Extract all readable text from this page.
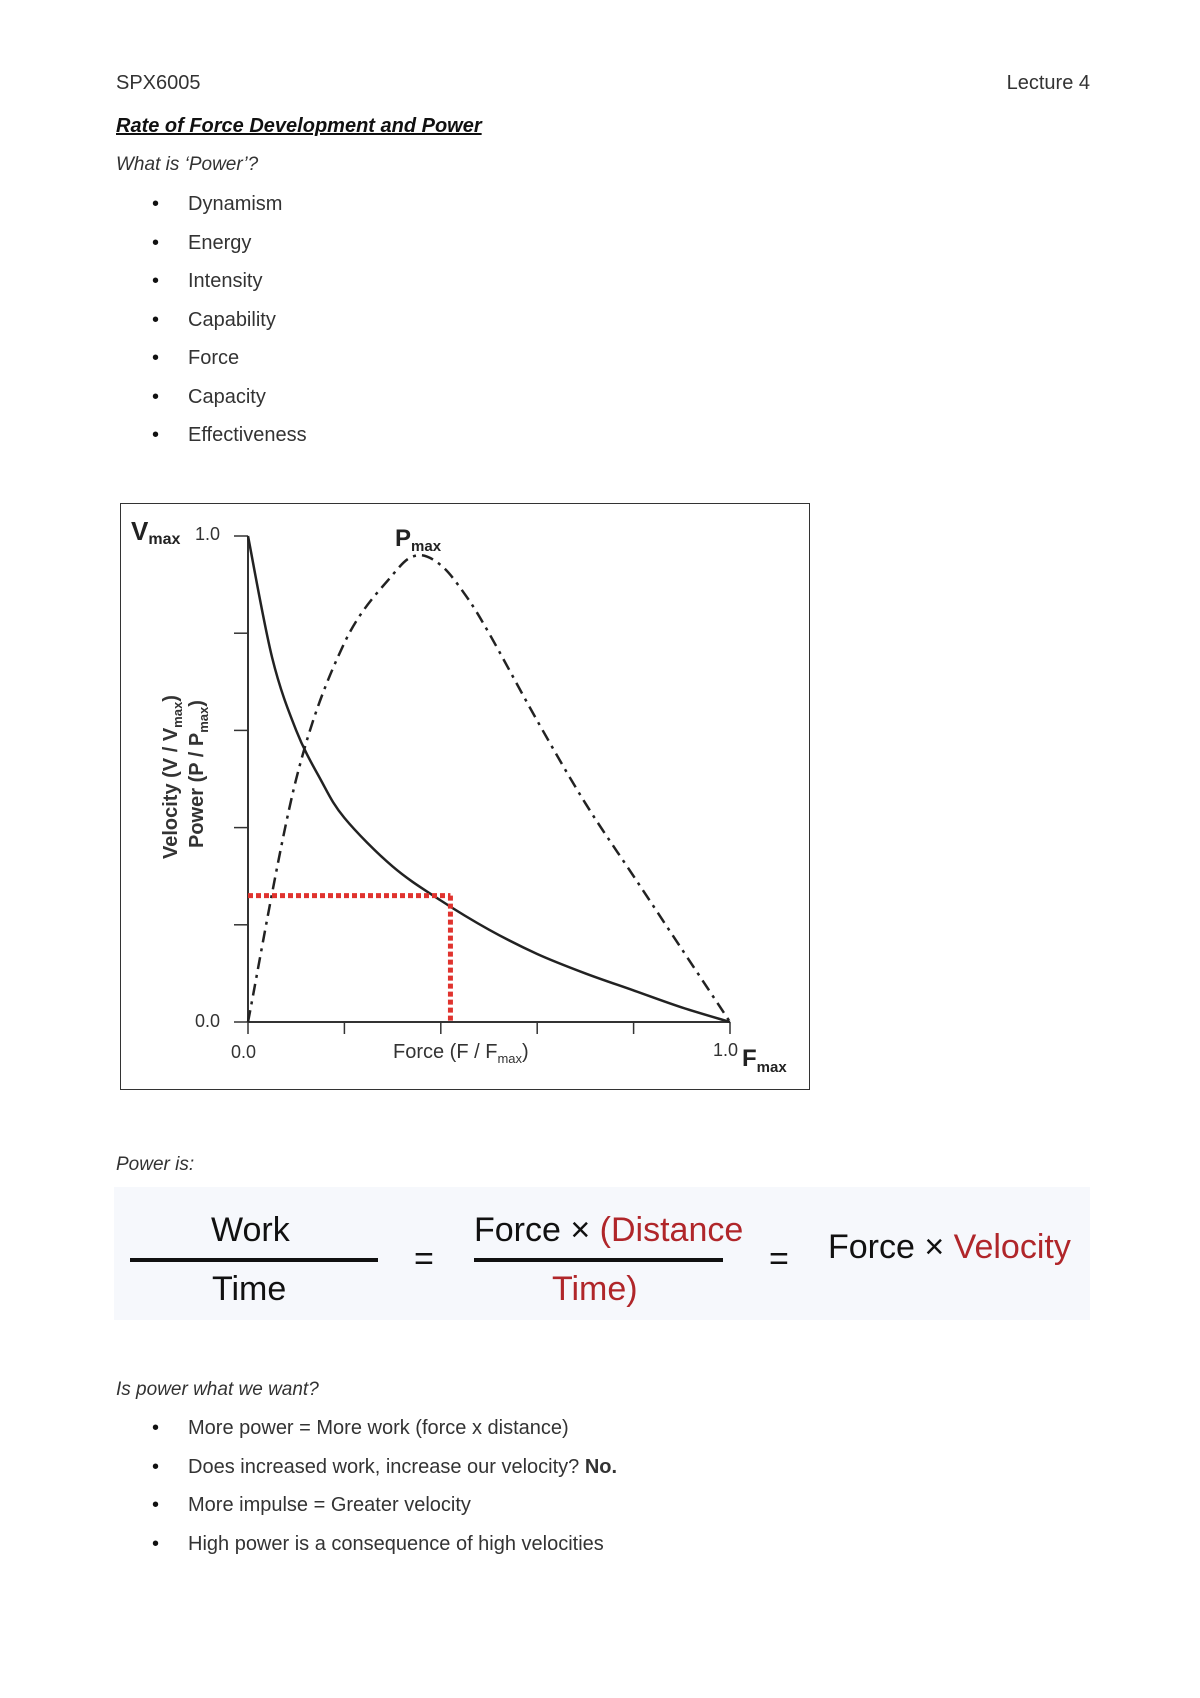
SPX6005	Lecture 4
Rate of Force Development and Power
What is ‘Power’?
• Dynamism
• Energy
• Intensity
• Capability
• Force
• Capacity
• Effectiveness
Vmax 1.0
0.0
0.0	1.0
$P_{max}$
Force $(F / F_{max})$	$F_{max}$
Velocity $(V / V_{max})$
Power $(P / P_{max})$
Power is:
Work
Time
=
Force × (Distance
Time)
= Force × Velocity
Is power what we want?
• More power = More work (force x distance)
• Does increased work, increase our velocity? No.
• More impulse = Greater velocity
• High power is a consequence of high velocities
